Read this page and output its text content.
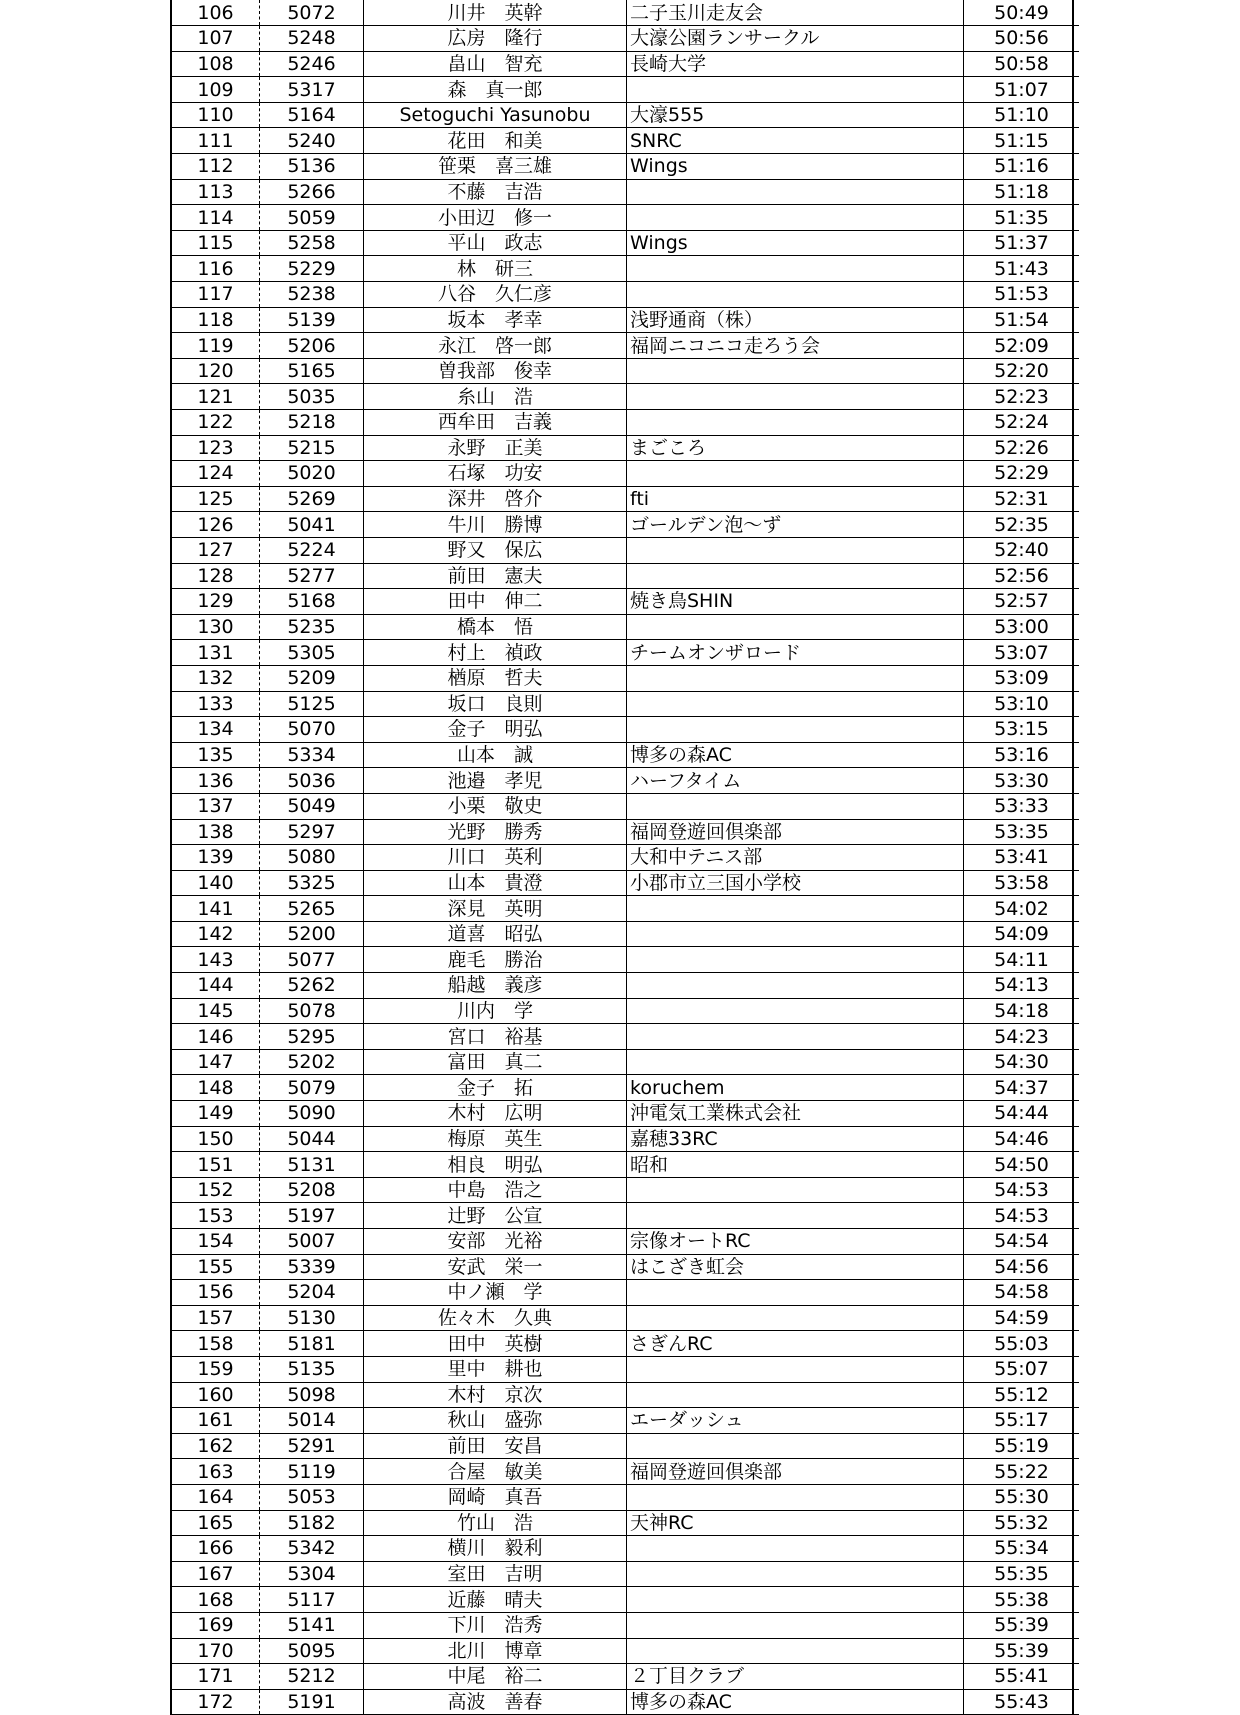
106	5072	川井　英幹	二子玉川走友会	50:49
107	5248	広房　隆行	大濠公園ランサークル	50:56
108	5246	畠山　智充	長崎大学	50:58
109	5317	森　真一郎		51:07
110	5164	Setoguchi Yasunobu	大濠555	51:10
111	5240	花田　和美	SNRC	51:15
112	5136	笹栗　喜三雄	Wings	51:16
113	5266	不藤　吉浩		51:18
114	5059	小田辺　修一		51:35
115	5258	平山　政志	Wings	51:37
116	5229	林　研三		51:43
117	5238	八谷　久仁彦		51:53
118	5139	坂本　孝幸	浅野通商（株）	51:54
119	5206	永江　啓一郎	福岡ニコニコ走ろう会	52:09
120	5165	曽我部　俊幸		52:20
121	5035	糸山　浩		52:23
122	5218	西牟田　吉義		52:24
123	5215	永野　正美	まごころ	52:26
124	5020	石塚　功安		52:29
125	5269	深井　啓介	fti	52:31
126	5041	牛川　勝博	ゴールデン泡～ず	52:35
127	5224	野又　保広		52:40
128	5277	前田　憲夫		52:56
129	5168	田中　伸二	焼き鳥SHIN	52:57
130	5235	橋本　悟		53:00
131	5305	村上　禎政	チームオンザロード	53:07
132	5209	楢原　哲夫		53:09
133	5125	坂口　良則		53:10
134	5070	金子　明弘		53:15
135	5334	山本　誠	博多の森AC	53:16
136	5036	池邉　孝児	ハーフタイム	53:30
137	5049	小栗　敬史		53:33
138	5297	光野　勝秀	福岡登遊回倶楽部	53:35
139	5080	川口　英利	大和中テニス部	53:41
140	5325	山本　貴澄	小郡市立三国小学校	53:58
141	5265	深見　英明		54:02
142	5200	道喜　昭弘		54:09
143	5077	鹿毛　勝治		54:11
144	5262	船越　義彦		54:13
145	5078	川内　学		54:18
146	5295	宮口　裕基		54:23
147	5202	富田　真二		54:30
148	5079	金子　拓	koruchem	54:37
149	5090	木村　広明	沖電気工業株式会社	54:44
150	5044	梅原　英生	嘉穂33RC	54:46
151	5131	相良　明弘	昭和	54:50
152	5208	中島　浩之		54:53
153	5197	辻野　公宣		54:53
154	5007	安部　光裕	宗像オートRC	54:54
155	5339	安武　栄一	はこざき虹会	54:56
156	5204	中ノ瀬　学		54:58
157	5130	佐々木　久典		54:59
158	5181	田中　英樹	さぎんRC	55:03
159	5135	里中　耕也		55:07
160	5098	木村　京次		55:12
161	5014	秋山　盛弥	エーダッシュ	55:17
162	5291	前田　安昌		55:19
163	5119	合屋　敏美	福岡登遊回倶楽部	55:22
164	5053	岡崎　真吾		55:30
165	5182	竹山　浩	天神RC	55:32
166	5342	横川　毅利		55:34
167	5304	室田　吉明		55:35
168	5117	近藤　晴夫		55:38
169	5141	下川　浩秀		55:39
170	5095	北川　博章		55:39
171	5212	中尾　裕二	２丁目クラブ	55:41
172	5191	高波　善春	博多の森AC	55:43
